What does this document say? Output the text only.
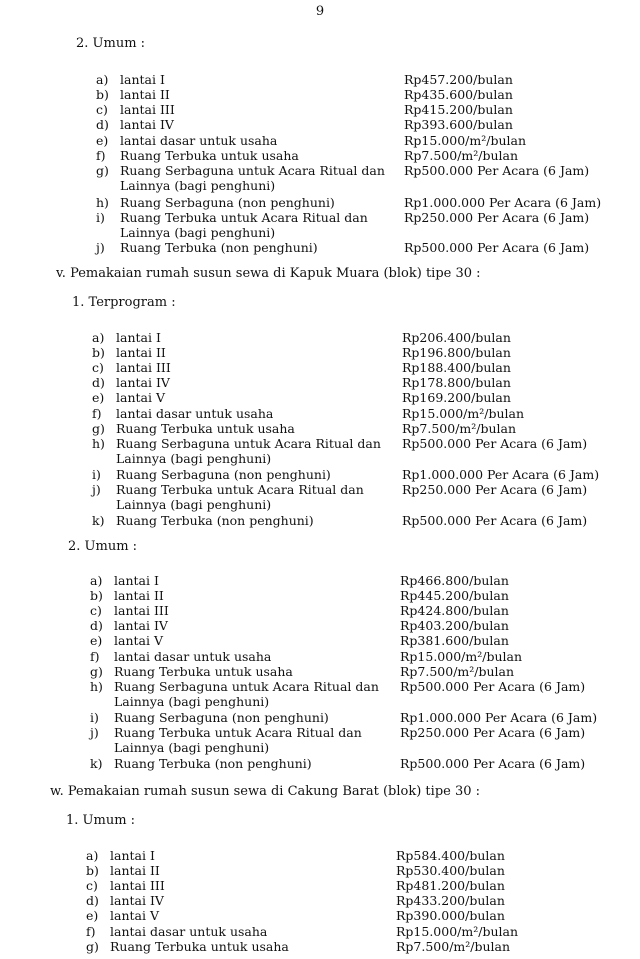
9
2. Umum :
a) lantai I	Rp457.200/bulan
b) lantai II	Rp435.600/bulan
c) lantai III	Rp415.200/bulan
d) lantai IV	Rp393.600/bulan
e) lantai dasar untuk usaha	Rp15.000/m²/bulan
f) Ruang Terbuka untuk usaha	Rp7.500/m²/bulan
g) Ruang Serbaguna untuk Acara Ritual dan Rp500.000 Per Acara (6 Jam)
Lainnya (bagi penghuni)
h) Ruang Serbaguna (non penghuni)	Rp1.000.000 Per Acara (6 Jam)
i) Ruang Terbuka untuk Acara Ritual dan	Rp250.000 Per Acara (6 Jam)
Lainnya (bagi penghuni)
j) Ruang Terbuka (non penghuni)	Rp500.000 Per Acara (6 Jam)
v. Pemakaian rumah susun sewa di Kapuk Muara (blok) tipe 30 :
1. Terprogram :
a) lantai I	Rp206.400/bulan
b) lantai II	Rp196.800/bulan
c) lantai III	Rp188.400/bulan
d) lantai IV	Rp178.800/bulan
e) lantai V	Rp169.200/bulan
f) lantai dasar untuk usaha	Rp15.000/m²/bulan
g) Ruang Terbuka untuk usaha	Rp7.500/m²/bulan
h) Ruang Serbaguna untuk Acara Ritual dan Rp500.000 Per Acara (6 Jam)
Lainnya (bagi penghuni)
i) Ruang Serbaguna (non penghuni)	Rp1.000.000 Per Acara (6 Jam)
j) Ruang Terbuka untuk Acara Ritual dan	Rp250.000 Per Acara (6 Jam)
Lainnya (bagi penghuni)
k) Ruang Terbuka (non penghuni)	Rp500.000 Per Acara (6 Jam)
2. Umum :
a) lantai I	Rp466.800/bulan
b) lantai II	Rp445.200/bulan
c) lantai III	Rp424.800/bulan
d) lantai IV	Rp403.200/bulan
e) lantai V	Rp381.600/bulan
f) lantai dasar untuk usaha	Rp15.000/m²/bulan
g) Ruang Terbuka untuk usaha	Rp7.500/m²/bulan
h) Ruang Serbaguna untuk Acara Ritual dan Rp500.000 Per Acara (6 Jam)
Lainnya (bagi penghuni)
i) Ruang Serbaguna (non penghuni)	Rp1.000.000 Per Acara (6 Jam)
j) Ruang Terbuka untuk Acara Ritual dan	Rp250.000 Per Acara (6 Jam)
Lainnya (bagi penghuni)
k) Ruang Terbuka (non penghuni)	Rp500.000 Per Acara (6 Jam)
w. Pemakaian rumah susun sewa di Cakung Barat (blok) tipe 30 :
1. Umum :
a) lantai I	Rp584.400/bulan
b) lantai II	Rp530.400/bulan
c) lantai III	Rp481.200/bulan
d) lantai IV	Rp433.200/bulan
e) lantai V	Rp390.000/bulan
f) lantai dasar untuk usaha	Rp15.000/m²/bulan
g) Ruang Terbuka untuk usaha	Rp7.500/m²/bulan
